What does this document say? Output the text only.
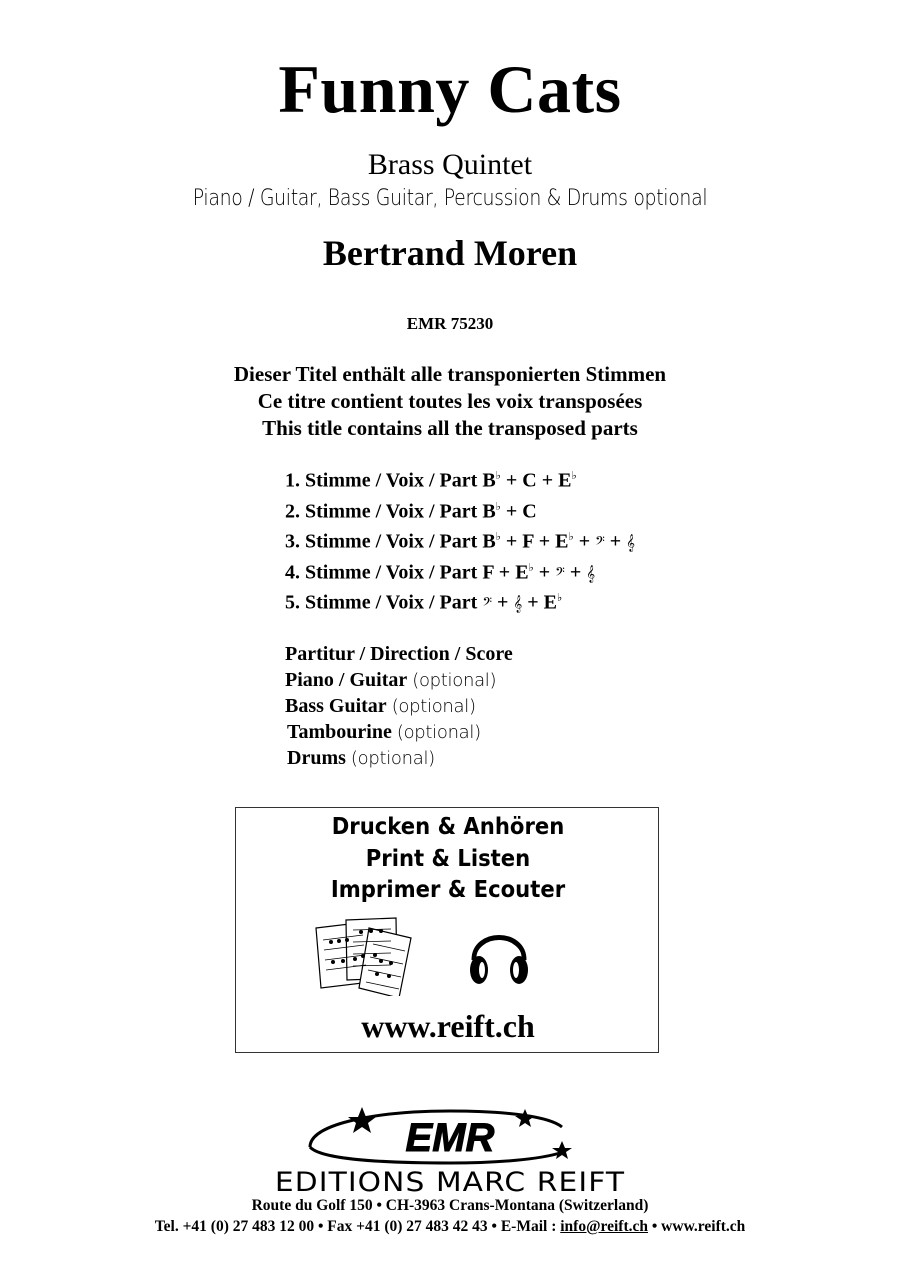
Funny Cats
Brass Quintet
Piano / Guitar, Bass Guitar, Percussion & Drums optional
Bertrand Moren
EMR 75230
Dieser Titel enthält alle transponierten Stimmen
Ce titre contient toutes les voix transposées
This title contains all the transposed parts
1. Stimme / Voix / Part B♭ + C + E♭
2. Stimme / Voix / Part B♭ + C
3. Stimme / Voix / Part B♭ + F + E♭ + 𝄢 + 𝄞
4. Stimme / Voix / Part F + E♭ + 𝄢 + 𝄞
5. Stimme / Voix / Part 𝄢 + 𝄞 + E♭
Partitur / Direction / Score
Piano / Guitar (optional)
Bass Guitar (optional)
Tambourine (optional)
Drums (optional)
Drucken & Anhören
Print & Listen
Imprimer & Ecouter
www.reift.ch
EMR
EDITIONS MARC REIFT
Route du Golf 150 • CH-3963 Crans-Montana (Switzerland)
Tel. +41 (0) 27 483 12 00 • Fax +41 (0) 27 483 42 43 • E-Mail : info@reift.ch • www.reift.ch
